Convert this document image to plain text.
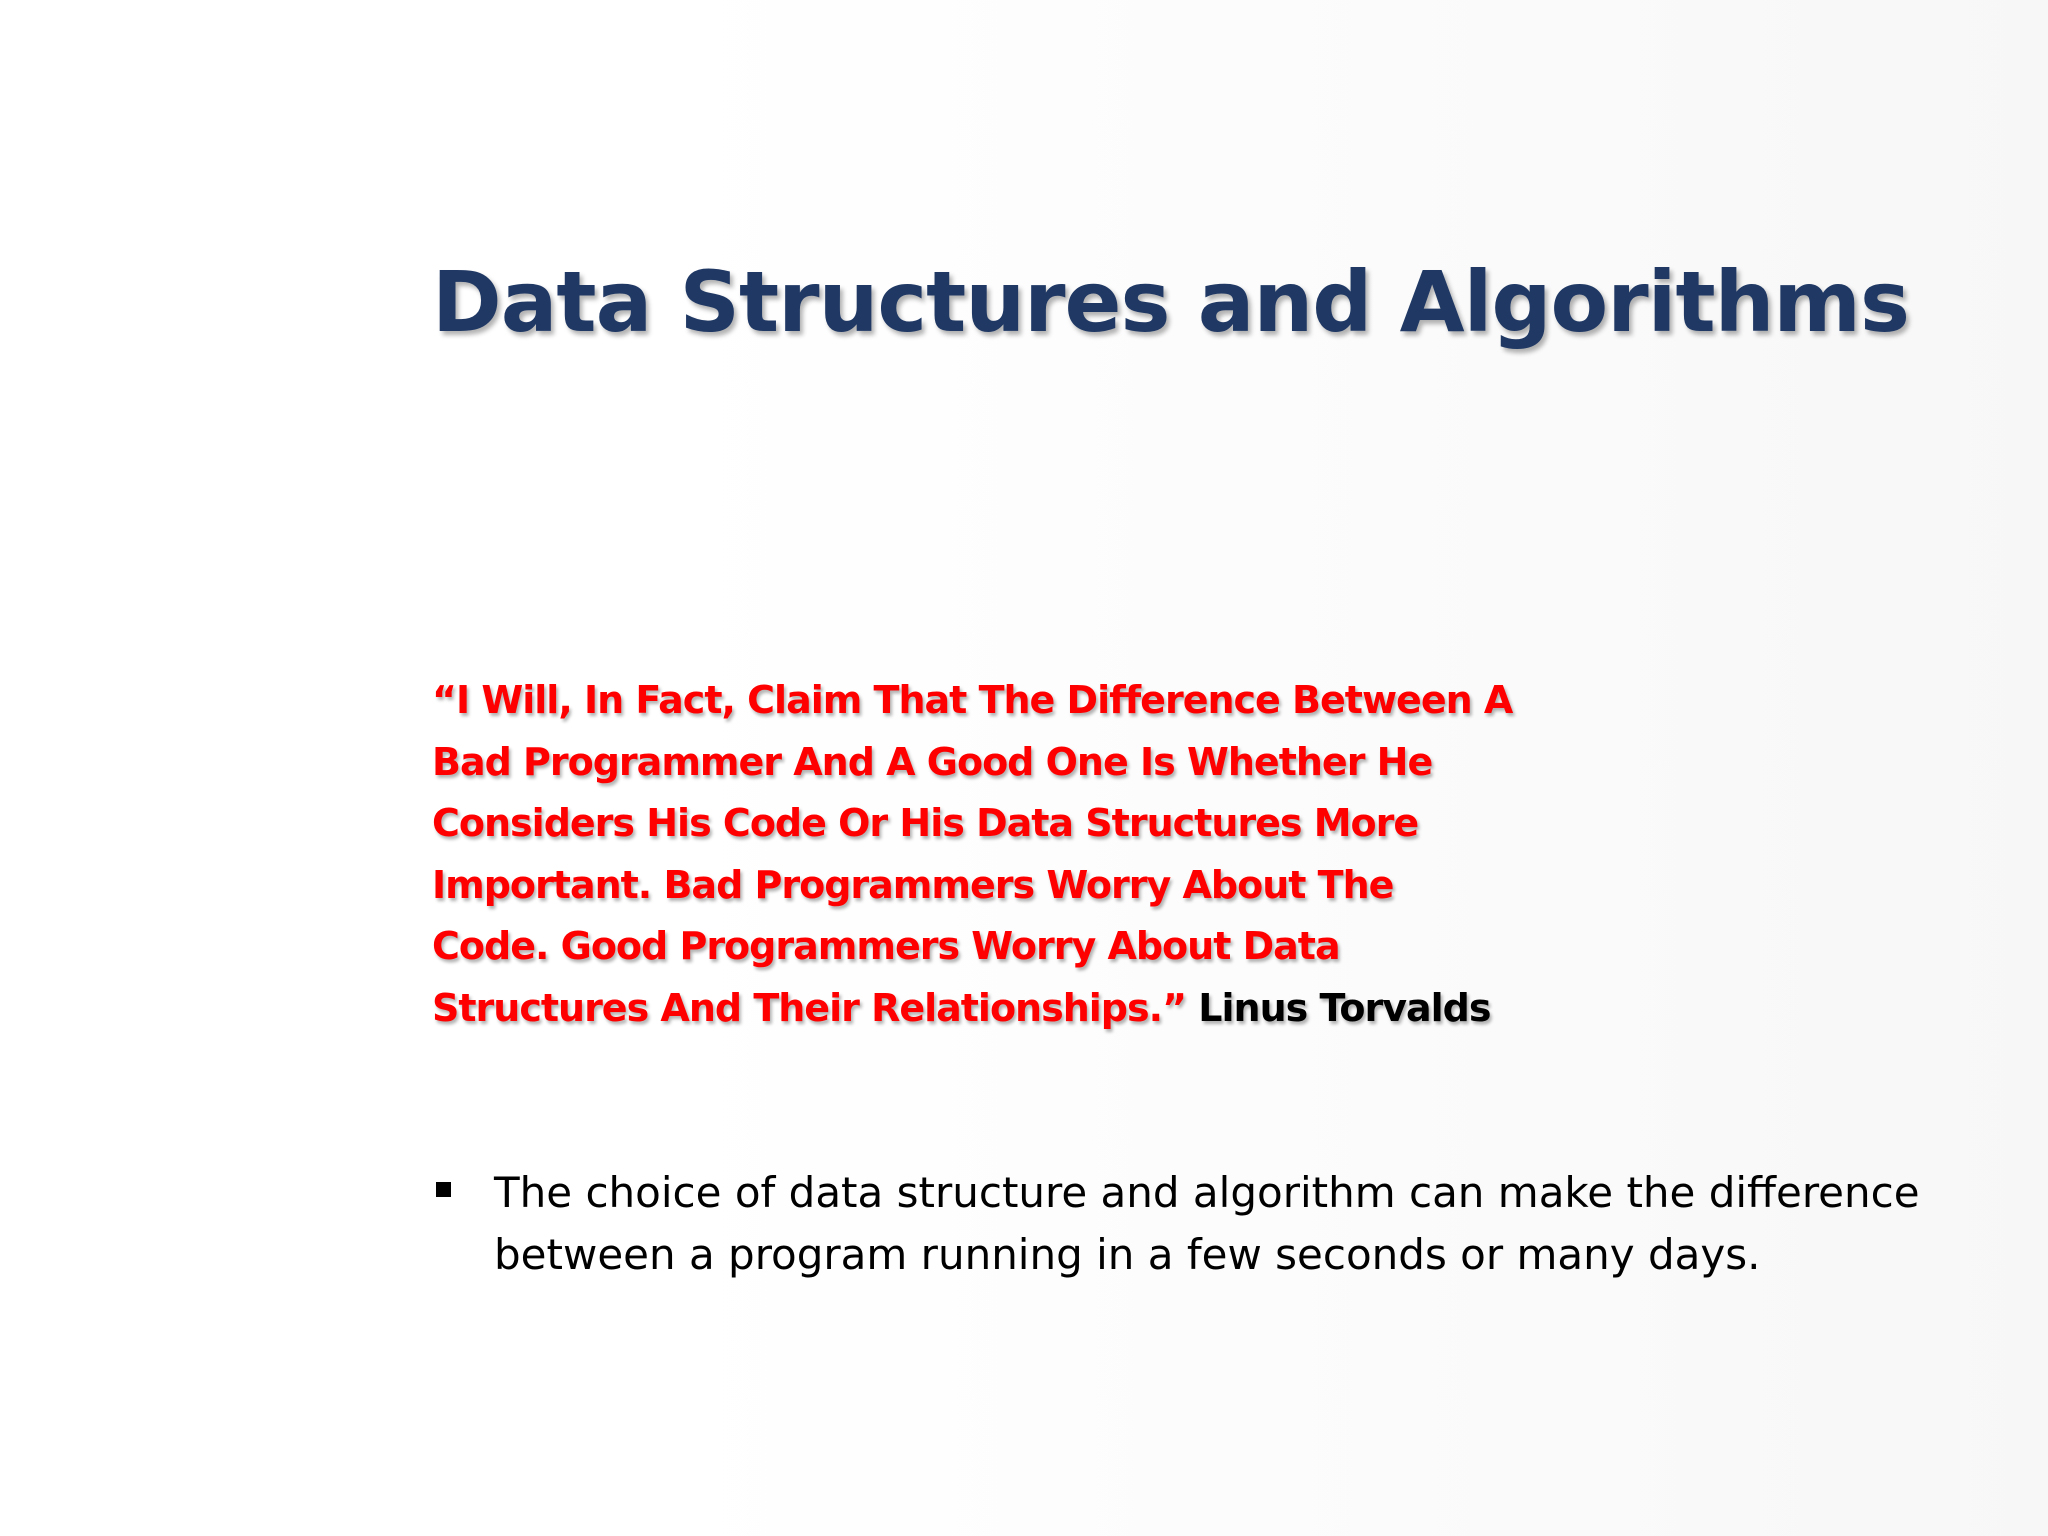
Data Structures and Algorithms

“I Will, In Fact, Claim That The Difference Between A
Bad Programmer And A Good One Is Whether He
Considers His Code Or His Data Structures More
Important. Bad Programmers Worry About The
Code. Good Programmers Worry About Data
Structures And Their Relationships.” Linus Torvalds

The choice of data structure and algorithm can make the difference
between a program running in a few seconds or many days.
